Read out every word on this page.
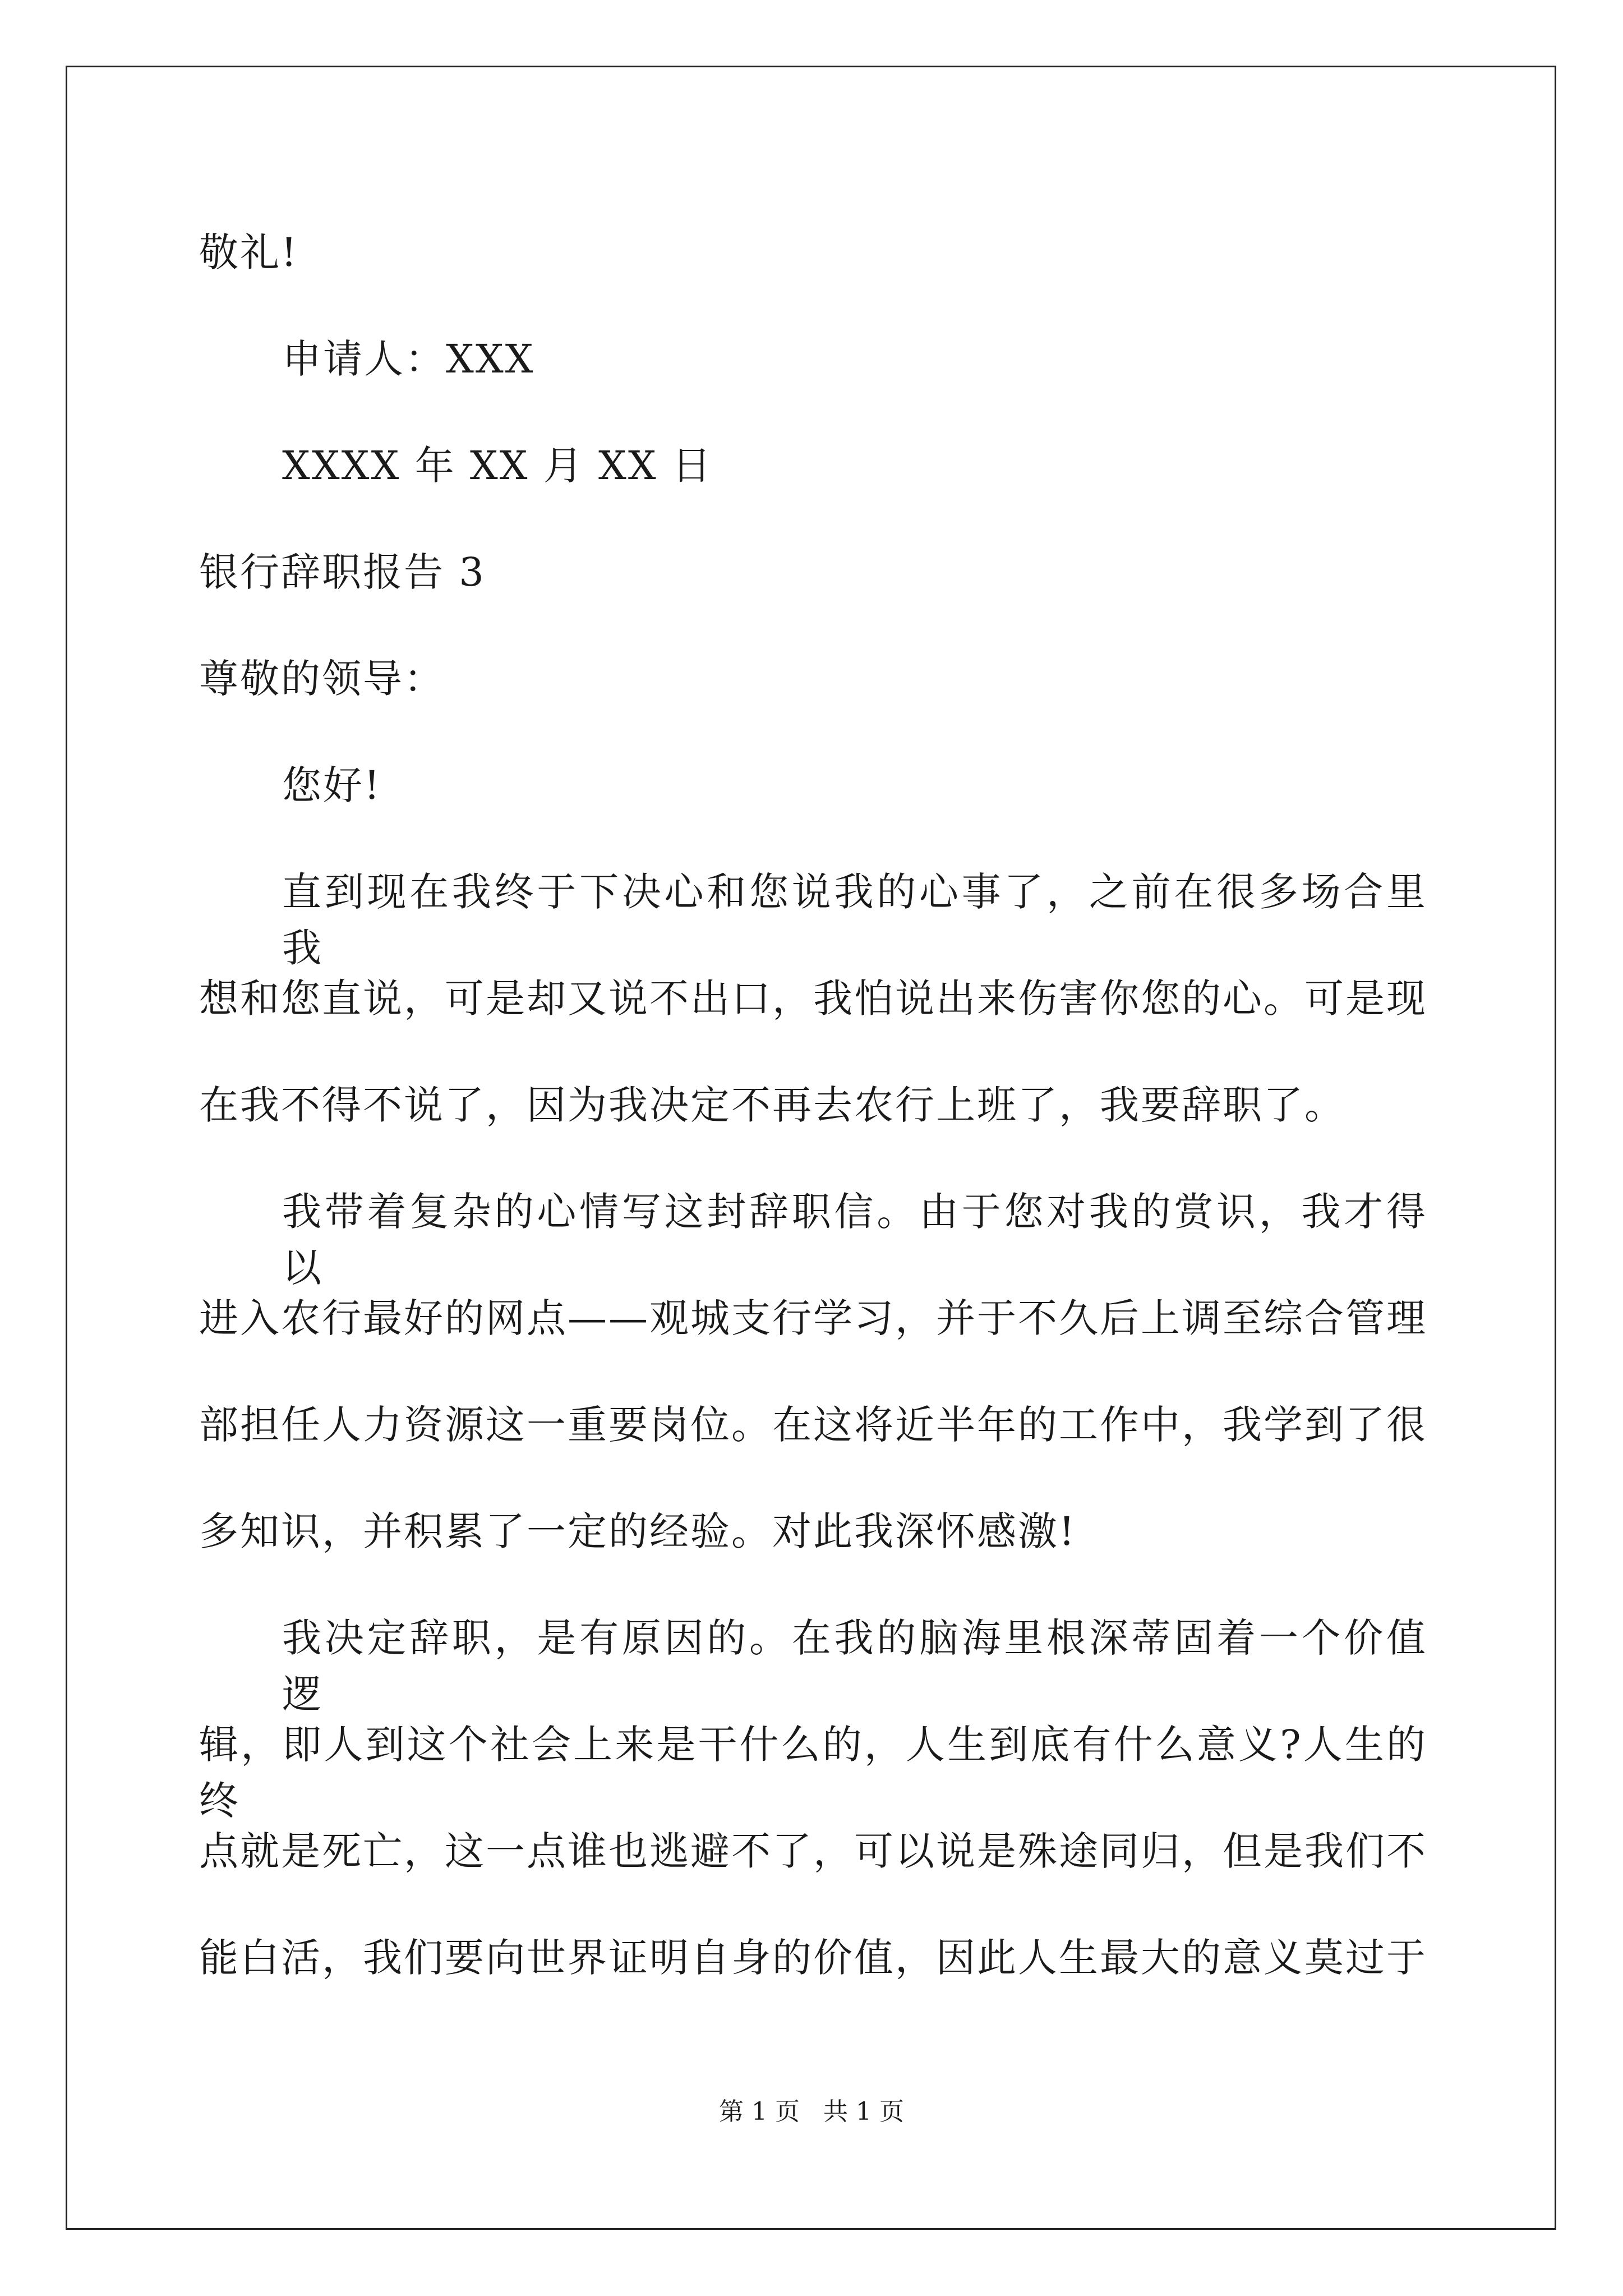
敬礼!
申请人：XXX
XXXX 年 XX 月 XX 日
银行辞职报告 3
尊敬的领导：
您好!
直到现在我终于下决心和您说我的心事了，之前在很多场合里我
想和您直说，可是却又说不出口，我怕说出来伤害你您的心。可是现
在我不得不说了，因为我决定不再去农行上班了，我要辞职了。
我带着复杂的心情写这封辞职信。由于您对我的赏识，我才得以
进入农行最好的网点——观城支行学习，并于不久后上调至综合管理
部担任人力资源这一重要岗位。在这将近半年的工作中，我学到了很
多知识，并积累了一定的经验。对此我深怀感激!
我决定辞职，是有原因的。在我的脑海里根深蒂固着一个价值逻
辑，即人到这个社会上来是干什么的，人生到底有什么意义?人生的终
点就是死亡，这一点谁也逃避不了，可以说是殊途同归，但是我们不
能白活，我们要向世界证明自身的价值，因此人生最大的意义莫过于
第 1 页   共 1 页
